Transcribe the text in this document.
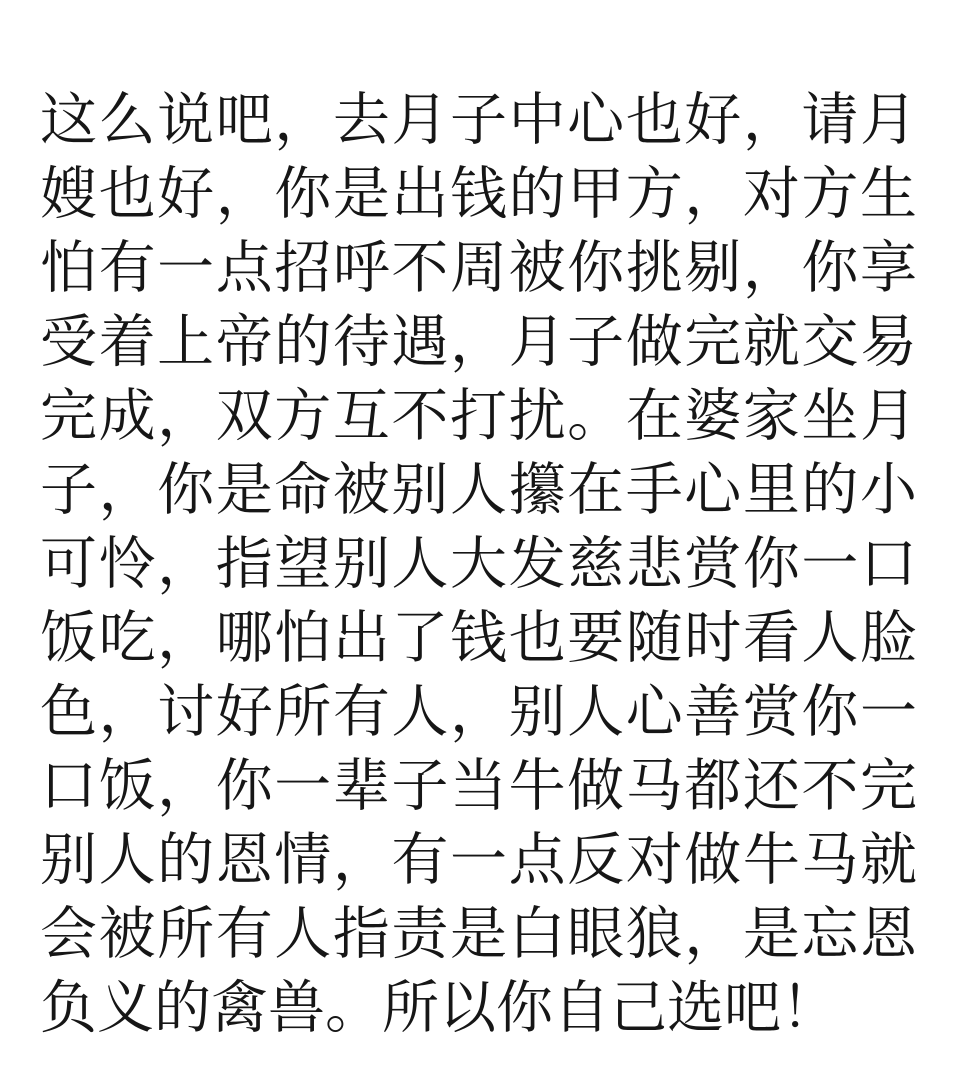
这么说吧，去月子中心也好，请月嫂也好，你是出钱的甲方，对方生怕有一点招呼不周被你挑剔，你享受着上帝的待遇，月子做完就交易完成，双方互不打扰。在婆家坐月子，你是命被别人攥在手心里的小可怜，指望别人大发慈悲赏你一口饭吃，哪怕出了钱也要随时看人脸色，讨好所有人，别人心善赏你一口饭，你一辈子当牛做马都还不完别人的恩情，有一点反对做牛马就会被所有人指责是白眼狼，是忘恩负义的禽兽。所以你自己选吧！
